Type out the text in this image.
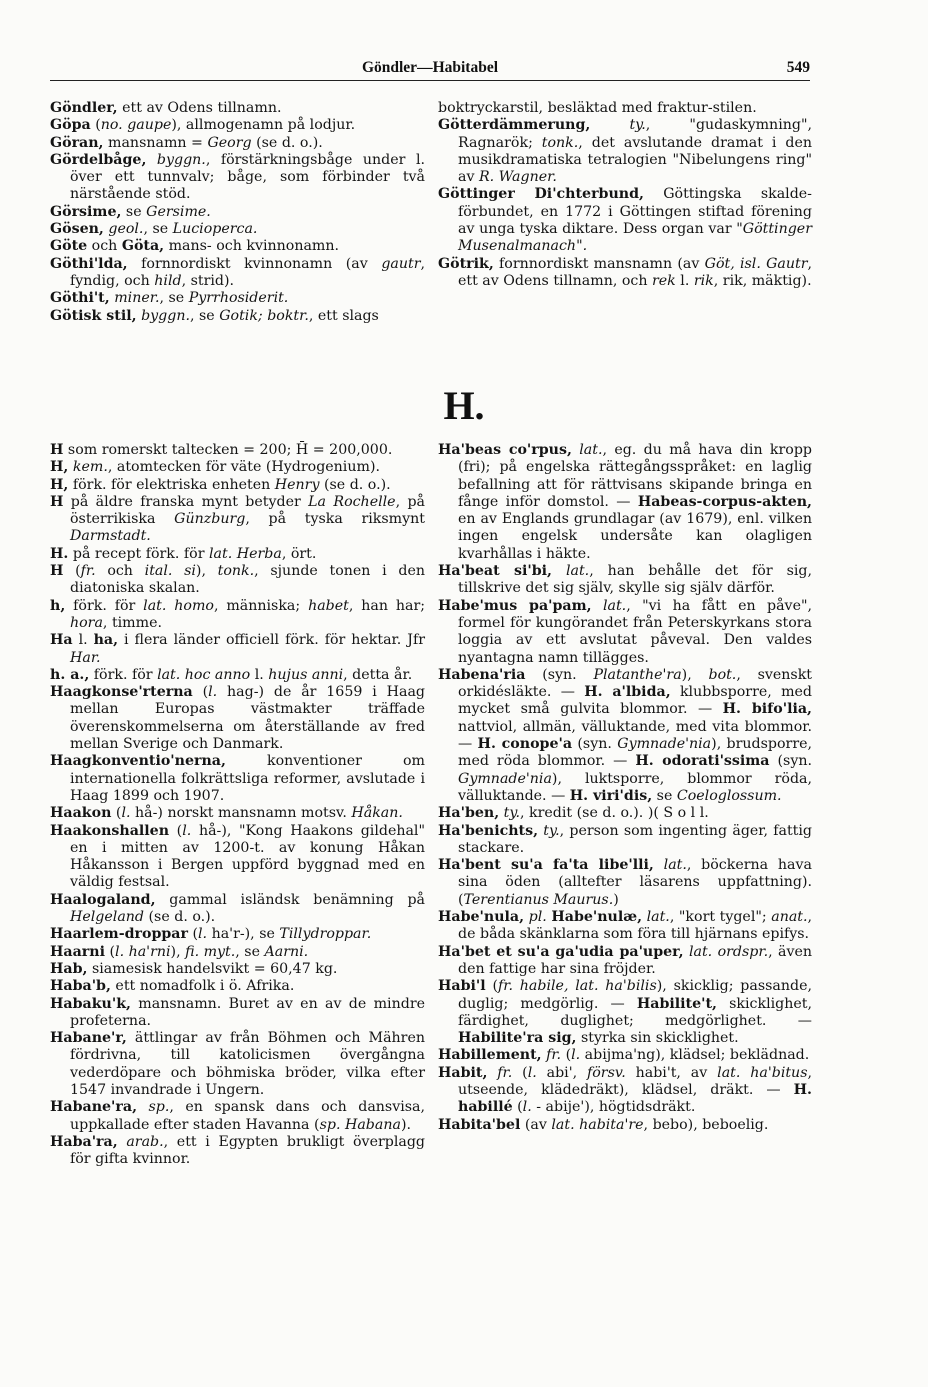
Göndler—Habitabel	549
Göndler, ett av Odens tillnamn.
Göpa (no. gaupe), allmogenamn på lodjur.
Göran, mansnamn = Georg (se d. o.).
Gördelbåge, byggn., förstärkningsbåge under l. över ett tunnvalv; båge, som förbinder två närstående stöd.
Görsime, se Gersime.
Gösen, geol., se Lucioperca.
Göte och Göta, mans- och kvinnonamn.
Göthi'lda, fornnordiskt kvinnonamn (av gautr, fyndig, och hild, strid).
Göthi't, miner., se Pyrrhosiderit.
Götisk stil, byggn., se Gotik; boktr., ett slags
boktryckarstil, besläktad med fraktur-stilen.
Götterdämmerung,	ty., "gudaskymning", Ragnarök; tonk., det avslutande dramat i den musikdramatiska tetralogien "Nibelungens ring" av R. Wagner.
Göttinger Di'chterbund, Göttingska skalde-förbundet, en 1772 i Göttingen stiftad förening av unga tyska diktare. Dess organ var "Göttinger Musenalmanach".
Götrik, fornnordiskt mansnamn (av Göt, isl. Gautr, ett av Odens tillnamn, och rek l. rik, rik, mäktig).
H.
H som romerskt taltecken = 200; H̄ = 200,000.
H, kem., atomtecken för väte (Hydrogenium).
H, förk. för elektriska enheten Henry (se d. o.).
H på äldre franska mynt betyder La Rochelle, på österrikiska Günzburg, på tyska riksmynt Darmstadt.
H. på recept förk. för lat. Herba, ört.
H (fr. och ital. si), tonk., sjunde tonen i den diatoniska skalan.
h, förk. för lat. homo, människa; habet, han har; hora, timme.
Ha l. ha, i flera länder officiell förk. för hektar. Jfr Har.
h. a., förk. för lat. hoc anno l. hujus anni, detta år.
Haagkonse'rterna (l. hag-) de år 1659 i Haag mellan Europas västmakter träffade överenskommelserna om återställande av fred mellan Sverige och Danmark.
Haagkonventio'nerna, konventioner om internationella folkrättsliga reformer, avslutade i Haag 1899 och 1907.
Haakon (l. hå-) norskt mansnamn motsv. Håkan.
Haakonshallen (l. hå-), "Kong Haakons gildehal" en i mitten av 1200-t. av konung Håkan Håkansson i Bergen uppförd byggnad med en väldig festsal.
Haalogaland, gammal isländsk benämning på Helgeland (se d. o.).
Haarlem-droppar (l. ha'r-), se Tillydroppar.
Haarni (l. ha'rni), fi. myt., se Aarni.
Hab, siamesisk handelsvikt = 60,47 kg.
Haba'b, ett nomadfolk i ö. Afrika.
Habaku'k, mansnamn. Buret av en av de mindre profeterna.
Habane'r, ättlingar av från Böhmen och Mähren fördrivna, till katolicismen övergångna vederdöpare och böhmiska bröder, vilka efter 1547 invandrade i Ungern.
Habane'ra, sp., en spansk dans och dansvisa, uppkallade efter staden Havanna (sp. Habana).
Haba'ra, arab., ett i Egypten brukligt överplagg för gifta kvinnor.
Ha'beas co'rpus, lat., eg. du må hava din kropp (fri); på engelska rättegångsspråket: en laglig befallning att för rättvisans skipande bringa en fånge inför domstol. — Habeas-corpus-akten, en av Englands grundlagar (av 1679), enl. vilken ingen engelsk undersåte kan olagligen kvarhållas i häkte.
Ha'beat si'bi, lat., han behålle det för sig, tillskrive det sig själv, skylle sig själv därför.
Habe'mus pa'pam, lat., "vi ha fått en påve", formel för kungörandet från Peterskyrkans stora loggia av ett avslutat påveval. Den valdes nyantagna namn tillägges.
Habena'ria (syn. Platanthe'ra), bot., svenskt orkidésläkte. — H. a'lbida, klubbsporre, med mycket små gulvita blommor. — H. bifo'lia, nattviol, allmän, välluktande, med vita blommor. — H. conope'a (syn. Gymnade'nia), brudsporre, med röda blommor. — H. odorati'ssima (syn. Gymnade'nia), luktsporre, blommor röda, välluktande. — H. viri'dis, se Coeloglossum.
Ha'ben, ty., kredit (se d. o.). )( S o l l.
Ha'benichts, ty., person som ingenting äger, fattig stackare.
Ha'bent su'a fa'ta libe'lli, lat., böckerna hava sina öden (alltefter läsarens uppfattning). (Terentianus Maurus.)
Habe'nula, pl. Habe'nulæ, lat., "kort tygel"; anat., de båda skänklarna som föra till hjärnans epifys.
Ha'bet et su'a ga'udia pa'uper, lat. ordspr., även den fattige har sina fröjder.
Habi'l (fr. habile, lat. ha'bilis), skicklig; passande, duglig; medgörlig. — Habilite't, skicklighet, färdighet, duglighet; medgörlighet. — Habilite'ra sig, styrka sin skicklighet.
Habillement, fr. (l. abijma'ng), klädsel; beklädnad.
Habit, fr. (l. abi', försv. habi't, av lat. ha'bitus, utseende, klädedräkt), klädsel, dräkt. — H. habillé (l. - abije'), högtidsdräkt.
Habita'bel (av lat. habita're, bebo), beboelig.
